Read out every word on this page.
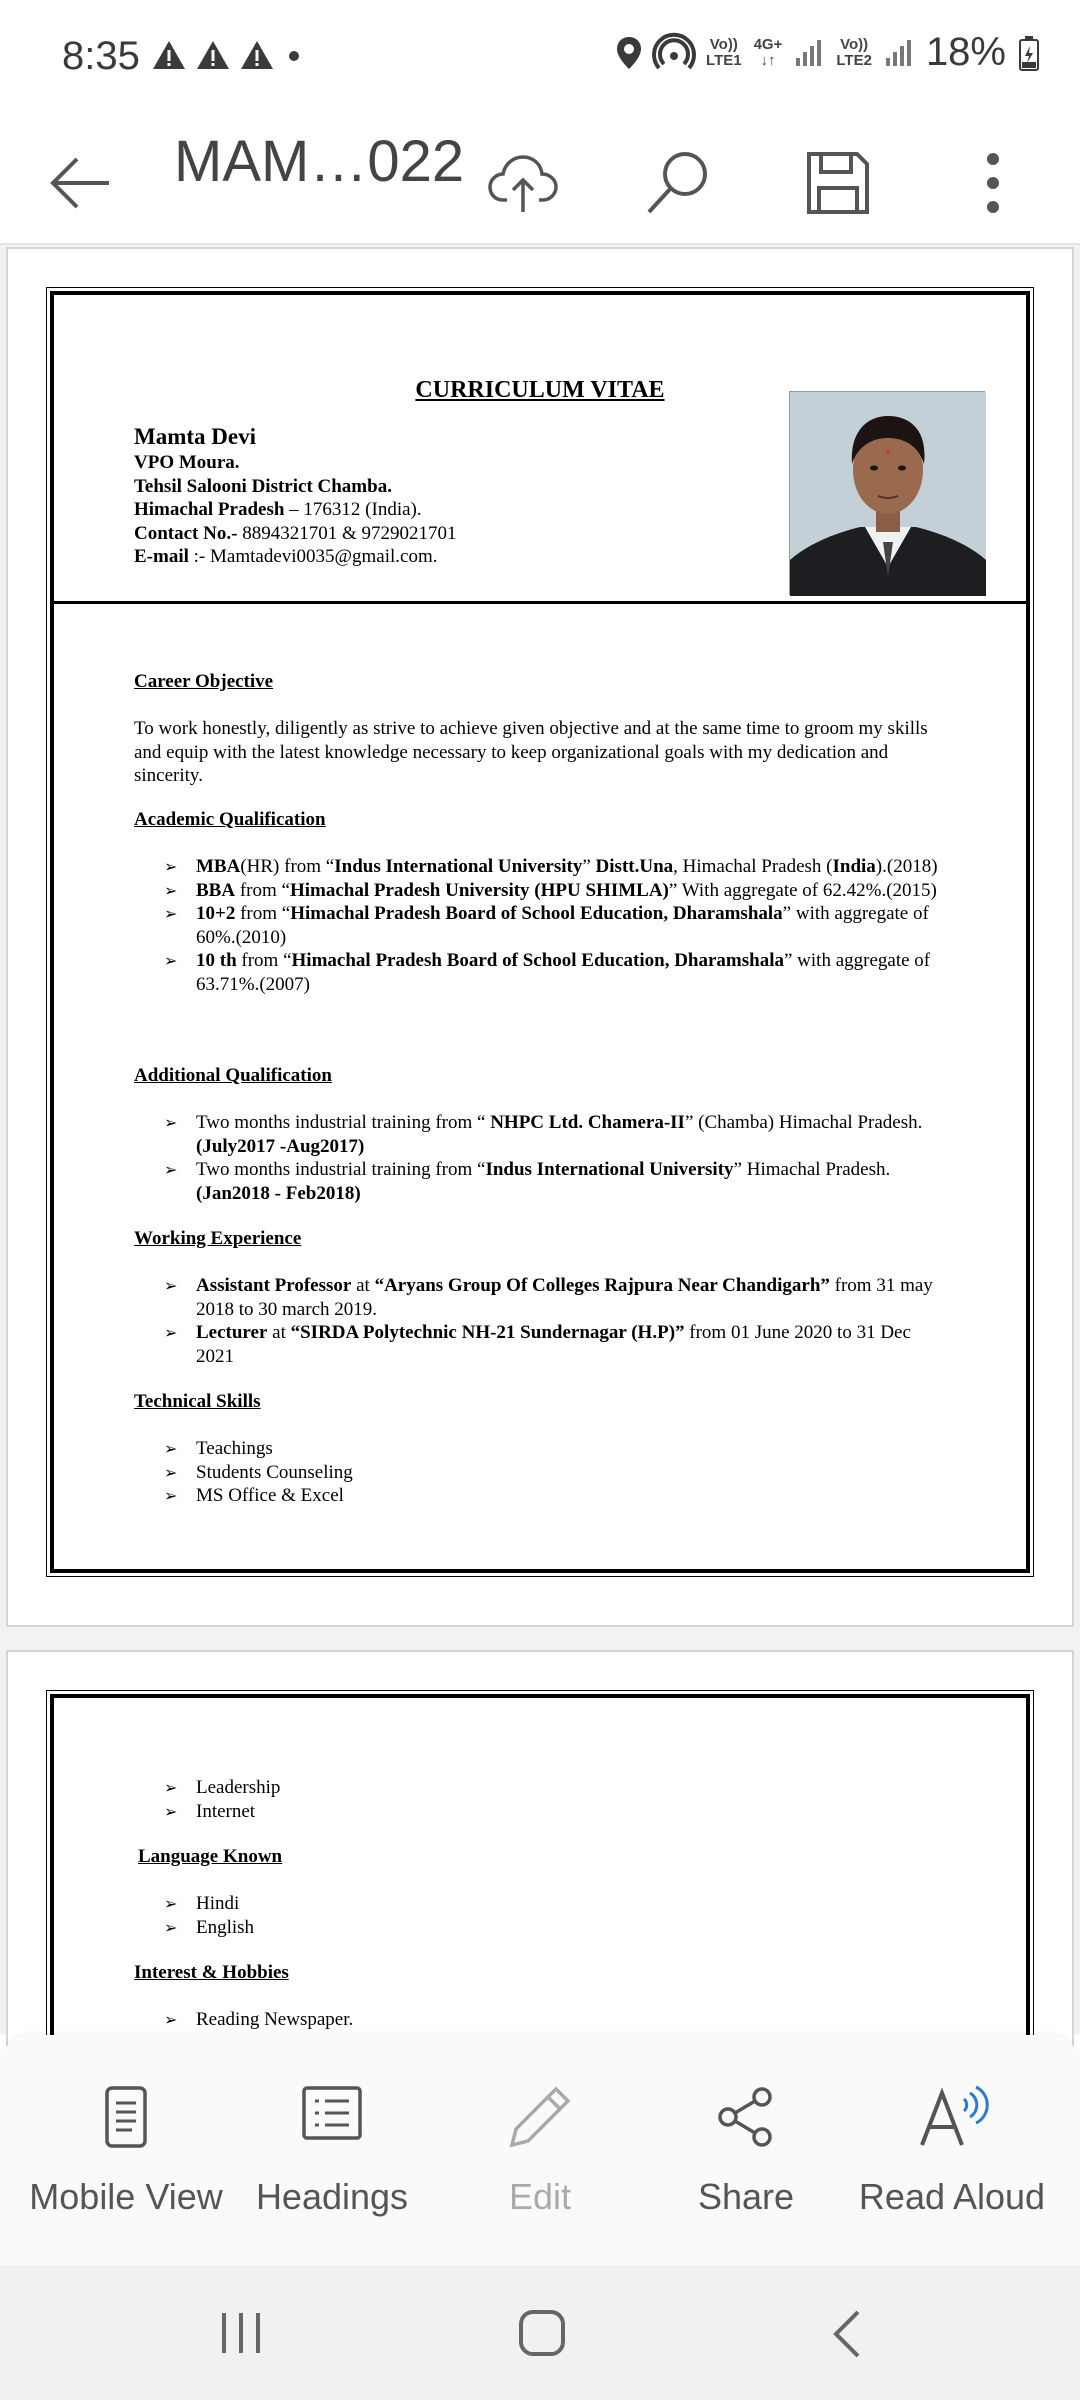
8:35	Vo))
LTE1
4G+
↓↑
Vo))
LTE2 18%
MAM…022
CURRICULUM VITAE
Mamta Devi
VPO Moura.
Tehsil Salooni District Chamba.
Himachal Pradesh – 176312 (India).
Contact No.- 8894321701 & 9729021701
E-mail :- Mamtadevi0035@gmail.com.
Career Objective
To work honestly, diligently as strive to achieve given objective and at the same time to groom my skills and equip with the latest knowledge necessary to keep organizational goals with my dedication and sincerity.
Academic Qualification
➢ MBA(HR) from “Indus International University” Distt.Una, Himachal Pradesh (India).(2018)
➢ BBA from “Himachal Pradesh University (HPU SHIMLA)” With aggregate of 62.42%.(2015)
➢ 10+2 from “Himachal Pradesh Board of School Education, Dharamshala” with aggregate of 60%.(2010)
➢ 10 th from “Himachal Pradesh Board of School Education, Dharamshala” with aggregate of 63.71%.(2007)
Additional Qualification
➢ Two months industrial training from “ NHPC Ltd. Chamera-II” (Chamba) Himachal Pradesh.(July2017 -Aug2017)
➢ Two months industrial training from “Indus International University” Himachal Pradesh.(Jan2018 - Feb2018)
Working Experience
➢ Assistant Professor at “Aryans Group Of Colleges Rajpura Near Chandigarh” from 31 may 2018 to 30 march 2019.
➢ Lecturer at “SIRDA Polytechnic NH-21 Sundernagar (H.P)” from 01 June 2020 to 31 Dec 2021
Technical Skills
➢ Teachings
➢ Students Counseling
➢ MS Office & Excel
➢ Leadership
➢ Internet
Language Known
➢ Hindi
➢ English
Interest & Hobbies
➢ Reading Newspaper.
Mobile View Headings	Edit	Share	Read Aloud
